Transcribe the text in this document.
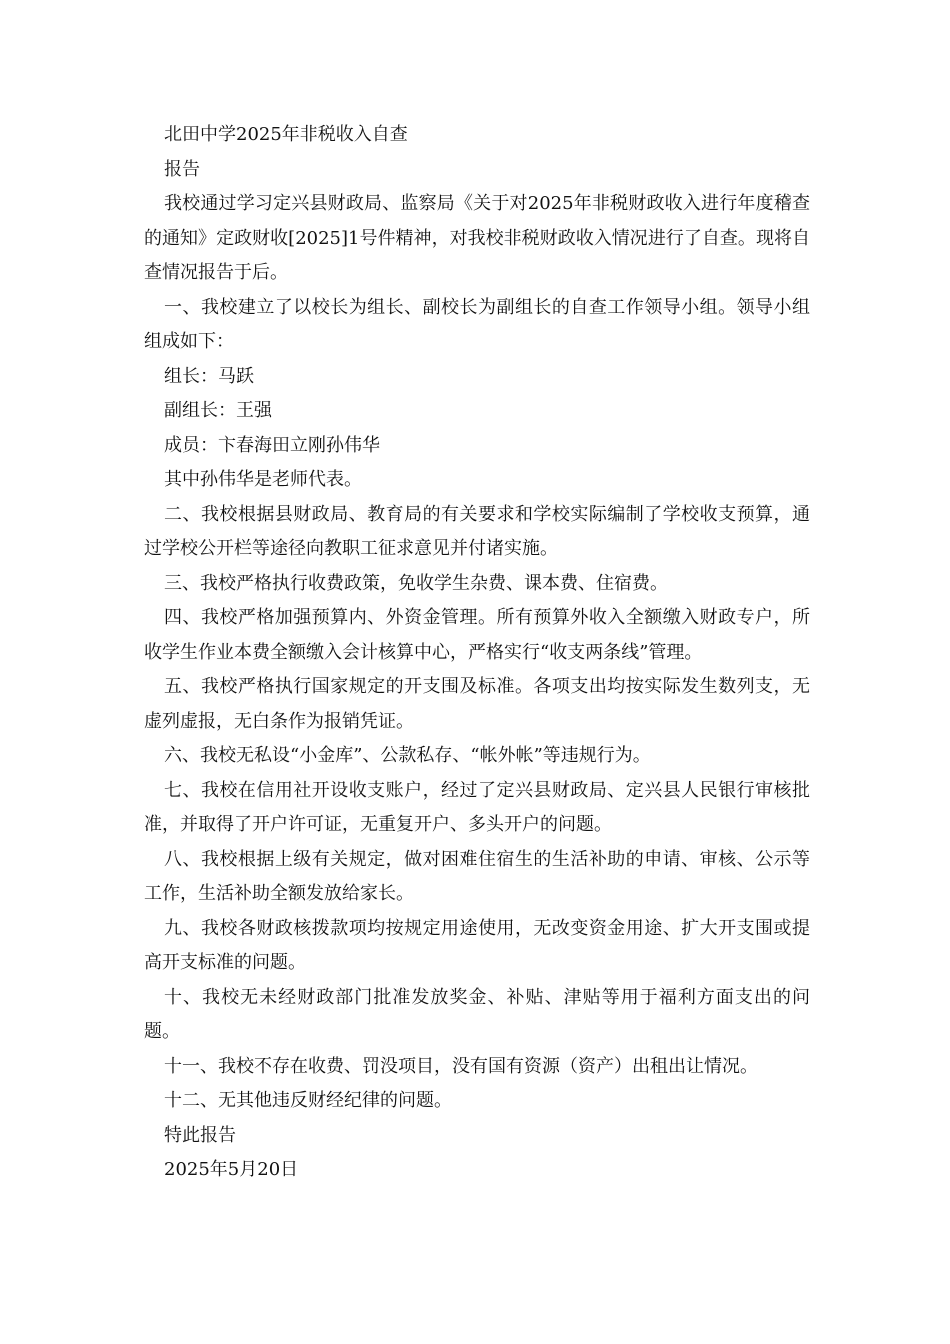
北田中学2025年非税收入自查

报告

我校通过学习定兴县财政局、监察局《关于对2025年非税财政收入进行年度稽查的通知》定政财收[2025]1号件精神，对我校非税财政收入情况进行了自查。现将自查情况报告于后。

一、我校建立了以校长为组长、副校长为副组长的自查工作领导小组。领导小组组成如下：

组长：马跃

副组长：王强

成员：卞春海田立刚孙伟华

其中孙伟华是老师代表。

二、我校根据县财政局、教育局的有关要求和学校实际编制了学校收支预算，通过学校公开栏等途径向教职工征求意见并付诸实施。

三、我校严格执行收费政策，免收学生杂费、课本费、住宿费。

四、我校严格加强预算内、外资金管理。所有预算外收入全额缴入财政专户，所收学生作业本费全额缴入会计核算中心，严格实行“收支两条线”管理。

五、我校严格执行国家规定的开支围及标准。各项支出均按实际发生数列支，无虚列虚报，无白条作为报销凭证。

六、我校无私设“小金库”、公款私存、“帐外帐”等违规行为。

七、我校在信用社开设收支账户，经过了定兴县财政局、定兴县人民银行审核批准，并取得了开户许可证，无重复开户、多头开户的问题。

八、我校根据上级有关规定，做对困难住宿生的生活补助的申请、审核、公示等工作，生活补助全额发放给家长。

九、我校各财政核拨款项均按规定用途使用，无改变资金用途、扩大开支围或提高开支标准的问题。

十、我校无未经财政部门批准发放奖金、补贴、津贴等用于福利方面支出的问题。

十一、我校不存在收费、罚没项目，没有国有资源（资产）出租出让情况。

十二、无其他违反财经纪律的问题。

特此报告

2025年5月20日
